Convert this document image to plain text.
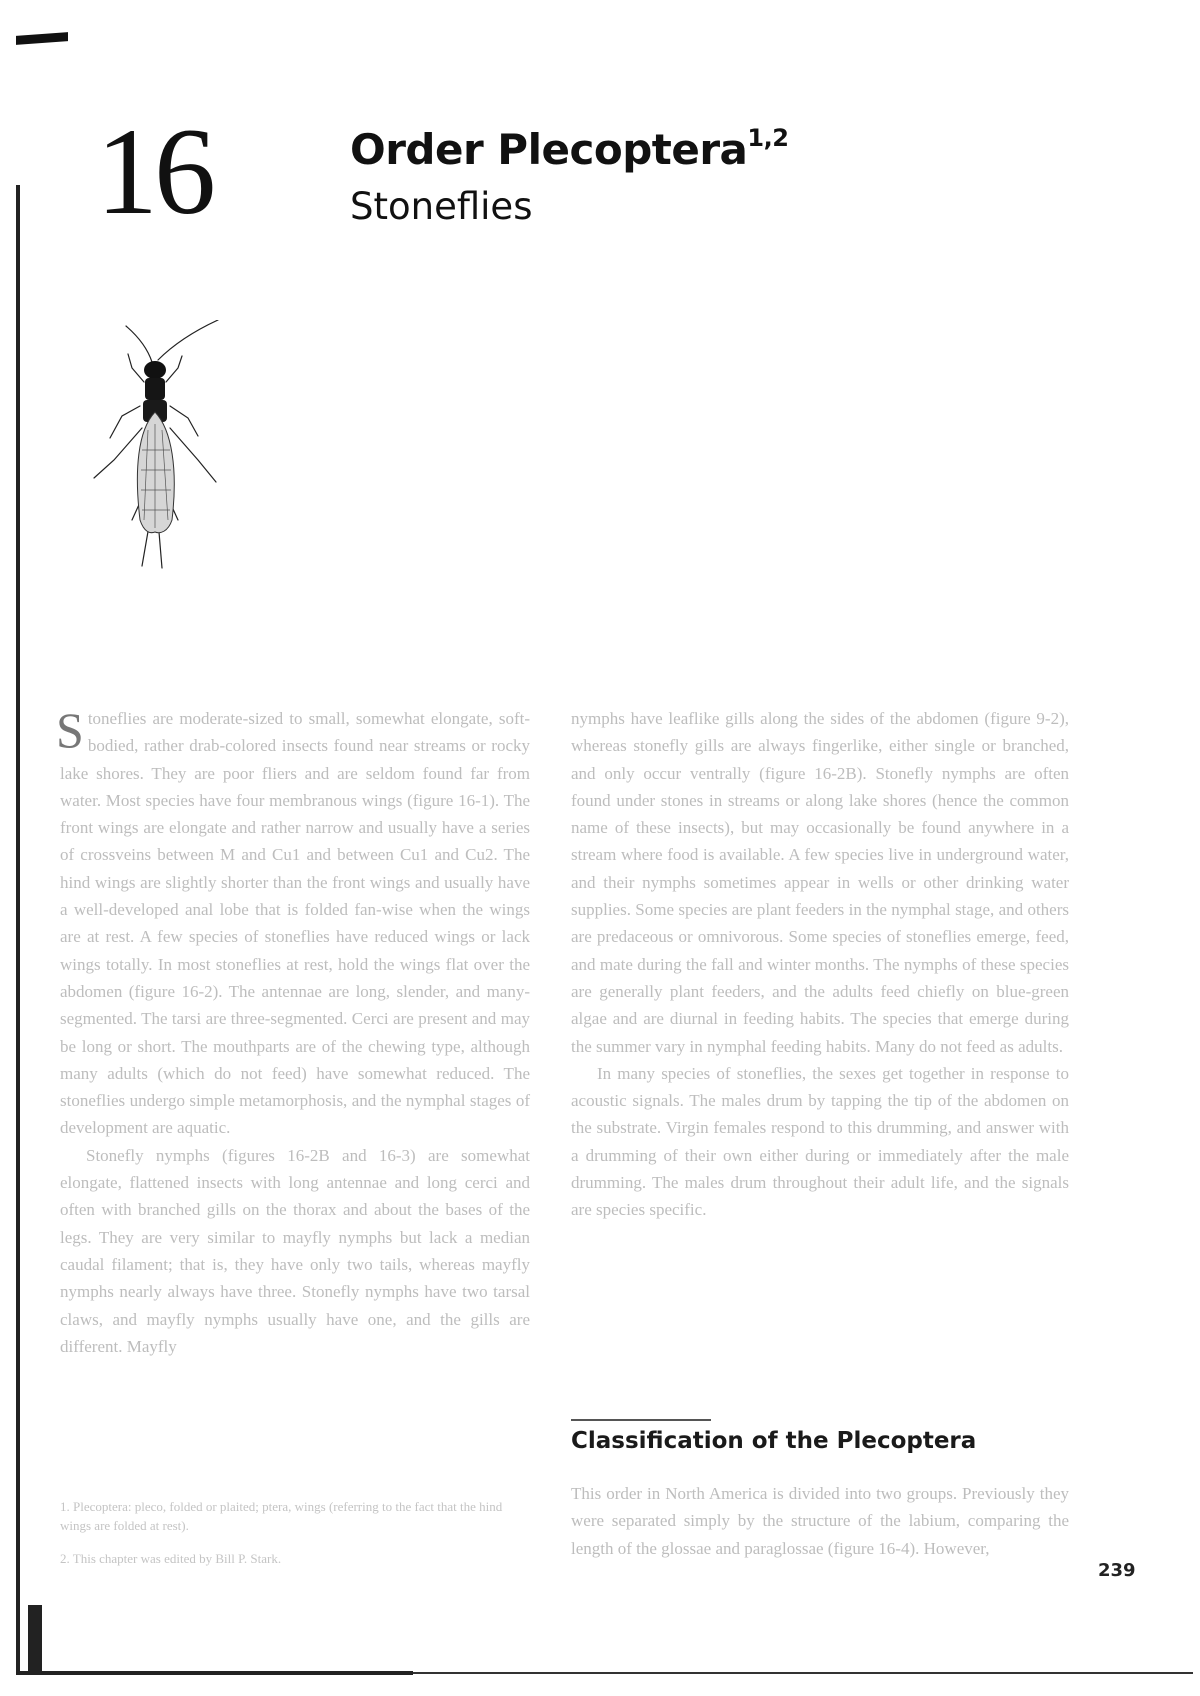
16	Order Plecoptera$^{1,2}$
Stoneflies

Stoneflies are moderate-sized to small, somewhat elongate, soft-bodied, rather drab-colored insects found near streams or rocky lake shores. They are poor fliers and are seldom found far from water. Most species have four membranous wings (figure 16-1). The front wings are elongate and rather narrow and usually have a series of crossveins between M and Cu1 and between Cu1 and Cu2. The hind wings are slightly shorter than the front wings and usually have a well-developed anal lobe that is folded fan-wise when the wings are at rest. A few species of stoneflies have reduced wings or lack wings totally. In most stoneflies at rest, hold the wings flat over the abdomen (figure 16-2). The antennae are long, slender, and many-segmented. The tarsi are three-segmented. Cerci are present and may be long or short. The mouthparts are of the chewing type, although many adults (which do not feed) have somewhat reduced. The stoneflies undergo simple metamorphosis, and the nymphal stages of development are aquatic.

Stonefly nymphs (figures 16-2B and 16-3) are somewhat elongate, flattened insects with long antennae and long cerci and often with branched gills on the thorax and about the bases of the legs. They are very similar to mayfly nymphs but lack a median caudal filament; that is, they have only two tails, whereas mayfly nymphs nearly always have three. Stonefly nymphs have two tarsal claws, and mayfly nymphs usually have one, and the gills are different. Mayfly

nymphs have leaflike gills along the sides of the abdomen (figure 9-2), whereas stonefly gills are always fingerlike, either single or branched, and only occur ventrally (figure 16-2B). Stonefly nymphs are often found under stones in streams or along lake shores (hence the common name of these insects), but may occasionally be found anywhere in a stream where food is available. A few species live in underground water, and their nymphs sometimes appear in wells or other drinking water supplies. Some species are plant feeders in the nymphal stage, and others are predaceous or omnivorous. Some species of stoneflies emerge, feed, and mate during the fall and winter months. The nymphs of these species are generally plant feeders, and the adults feed chiefly on blue-green algae and are diurnal in feeding habits. The species that emerge during the summer vary in nymphal feeding habits. Many do not feed as adults.

In many species of stoneflies, the sexes get together in response to acoustic signals. The males drum by tapping the tip of the abdomen on the substrate. Virgin females respond to this drumming, and answer with a drumming of their own either during or immediately after the male drumming. The males drum throughout their adult life, and the signals are species specific.

Classification of the Plecoptera

This order in North America is divided into two groups. Previously they were separated simply by the structure of the labium, comparing the length of the glossae and paraglossae (figure 16-4). However,

1. Plecoptera: pleco, folded or plaited; ptera, wings (referring to the fact that the hind wings are folded at rest).

2. This chapter was edited by Bill P. Stark.

239
